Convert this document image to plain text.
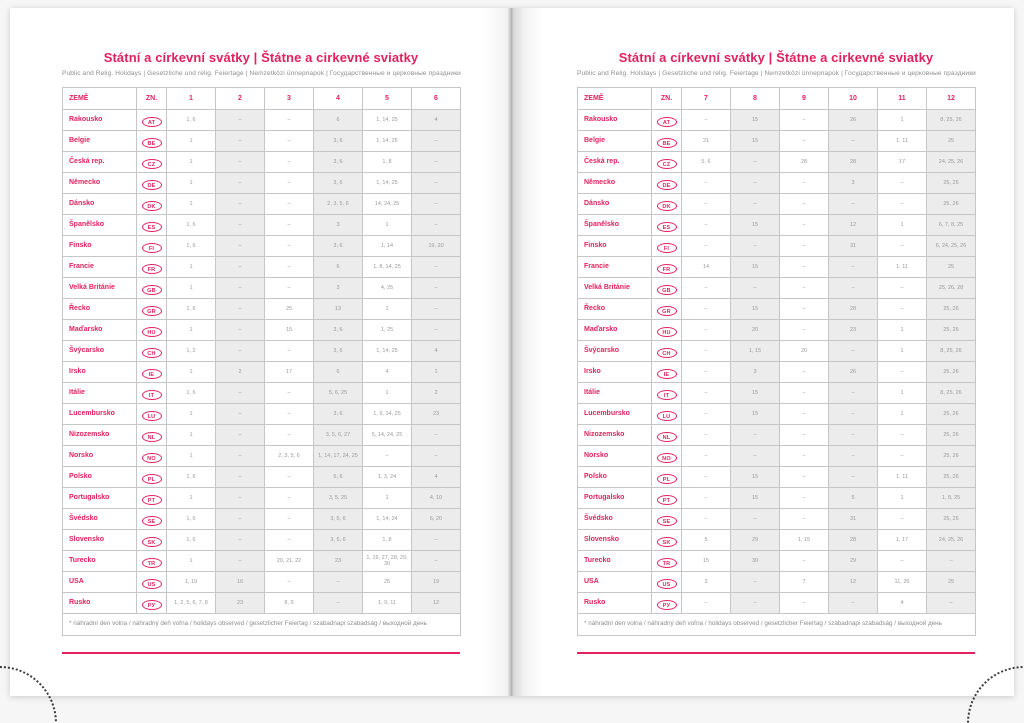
Státní a církevní svátky | Štátne a cirkevné sviatky
Public and Relig. Holidays | Gesetzliche und relig. Feiertage | Nemzetközi ünnepnapok | Государственные и церковные праздники
ZEMĚ	ZN.	1	2	3	4	5	6
Rakousko	AT	1, 6	–	–	6	1, 14, 25	4
Belgie	BE	1	–	–	3, 6	1, 14, 25	–
Česká rep.	CZ	1	–	–	3, 6	1, 8	–
Německo	DE	1	–	–	3, 6	1, 14, 25	–
Dánsko	DK	1	–	–	2, 3, 5, 6	14, 24, 25	–
Španělsko	ES	1, 6	–	–	3	1	–
Finsko	FI	1, 6	–	–	3, 6	1, 14	19, 20
Francie	FR	1	–	–	6	1, 8, 14, 25	–
Velká Británie	GB	1	–	–	3	4, 25	–
Řecko	GR	1, 6	–	25	13	1	–
Maďarsko	HU	1	–	15	3, 6	1, 25	–
Švýcarsko	CH	1, 2	–	–	3, 6	1, 14, 25	4
Irsko	IE	1	2	17	6	4	1
Itálie	IT	1, 6	–	–	5, 6, 25	1	2
Lucembursko	LU	1	–	–	3, 6	1, 9, 14, 25	23
Nizozemsko	NL	1	–	–	3, 5, 6, 27	5, 14, 24, 25	–
Norsko	NO	1	–	2, 3, 5, 6	1, 14, 17, 24, 25	–	–
Polsko	PL	1, 6	–	–	5, 6	1, 3, 24	4
Portugalsko	PT	1	–	–	3, 5, 25	1	4, 10
Švédsko	SE	1, 6	–	–	3, 5, 6	1, 14, 24	6, 20
Slovensko	SK	1, 6	–	–	3, 5, 6	1, 8	–
Turecko	TR	1	–	20, 21, 22	23	1, 19, 27, 28, 29, 30	–
USA	US	1, 19	16	–	–	25	19
Rusko	РУ	1, 2, 5, 6, 7, 8	23	8, 9	–	1, 9, 11	12
* náhradní den volna / náhradný deň voľna / holidays observed / gesetzlicher Feiertag / szabadnapi szabadság / выходной день							
Státní a církevní svátky | Štátne a cirkevné sviatky
Public and Relig. Holidays | Gesetzliche und relig. Feiertage | Nemzetközi ünnepnapok | Государственные и церковные праздники
ZEMĚ	ZN.	7	8	9	10	11	12
Rakousko	AT	–	15	–	26	1	8, 25, 26
Belgie	BE	21	15	–	–	1, 11	25
Česká rep.	CZ	5, 6	–	28	28	17	24, 25, 26
Německo	DE	–	–	–	3	–	25, 26
Dánsko	DK	–	–	–	–	–	25, 26
Španělsko	ES	–	15	–	12	1	6, 7, 8, 25
Finsko	FI	–	–	–	31	–	6, 24, 25, 26
Francie	FR	14	15	–	–	1, 11	25
Velká Británie	GB	–	–	–	–	–	25, 26, 28
Řecko	GR	–	15	–	28	–	25, 26
Maďarsko	HU	–	20	–	23	1	25, 26
Švýcarsko	CH	–	1, 15	20	–	1	8, 25, 26
Irsko	IE	–	3	–	26	–	25, 26
Itálie	IT	–	15	–	–	1	8, 25, 26
Lucembursko	LU	–	15	–	–	1	25, 26
Nizozemsko	NL	–	–	–	–	–	25, 26
Norsko	NO	–	–	–	–	–	25, 26
Polsko	PL	–	15	–	–	1, 11	25, 26
Portugalsko	PT	–	15	–	5	1	1, 8, 25
Švédsko	SE	–	–	–	31	–	25, 26
Slovensko	SK	5	29	1, 15	28	1, 17	24, 25, 26
Turecko	TR	15	30	–	29	–	–
USA	US	3	–	7	12	11, 26	25
Rusko	РУ	–	–	–	–	4	–
* náhradní den volna / náhradný deň voľna / holidays observed / gesetzlicher Feiertag / szabadnapi szabadság / выходной день							
